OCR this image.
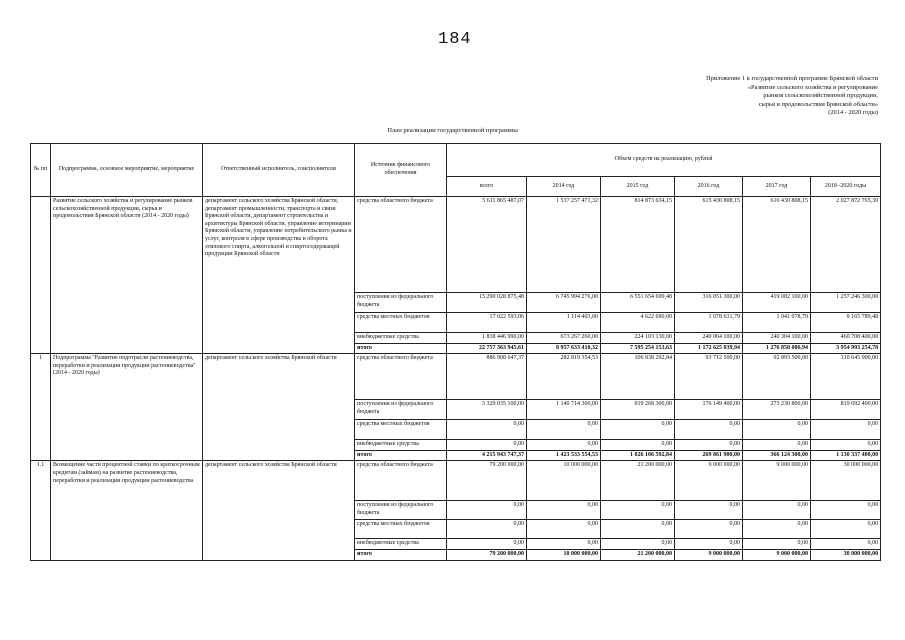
184
Приложение 1 к государственной программе Брянской области
«Развитие сельского хозяйства и регулирование
рынков сельскохозяйственной продукции,
сырья и продовольствия Брянской области»
(2014 - 2020 годы)
План реализации государственной программы
№ пп	Подпрограмма, основное мероприятие, мероприятие	Ответственный исполнитель, соисполнители	Источник финансового обеспечения	Объем средств на реализацию, рублей					
				всего	2014 год	2015 год	2016 год	2017 год	2018 -2020 годы
	Развитие сельского хозяйства и регулирование рынков сельскохозяйственной продукции, сырья и продовольствия Брянской области (2014 - 2020 годы)	департамент сельского хозяйства Брянской области, департамент промышленности, транспорта и связи Брянской области, департамент строительства и архитектуры Брянской области, управление ветеринарии Брянской области, управление потребительского рынка и услуг, контроля в сфере производства и оборота этилового спирта, алкогольной и спиртосодержащей продукции Брянской области	средства областного бюджета	5 611 865 487,07	1 537 257 471,32	814 873 634,15	615 430 808,15	616 430 808,15	2 027 872 765,30
			поступления из федерального бюджета	15 290 028 875,48	6 745 994 276,00	6 551 654 699,48	316 051 300,00	419 082 100,00	1 257 246 300,00
			средства местных бюджетов	17 022 593,06	1 114 403,00	4 622 690,00	1 078 631,79	1 041 078,79	9 165 789,48
			внебюджетные средства	1 838 446 990,00	673 267 260,00	224 103 130,00	240 064 100,00	240 304 100,00	460 708 400,00
			итого	22 757 363 945,61	8 957 633 410,32	7 595 254 153,63	1 172 625 039,94	1 276 858 086,94	3 954 993 254,78
1	Подпрограмма "Развитие подотрасли растениеводства, переработки и реализации продукции растениеводства" (2014 - 2020 годы)	департамент сельского хозяйства Брянской области	средства областного бюджета	886 908 647,37	282 819 354,53	106 838 292,84	93 712 500,00	92 893 500,00	310 645 000,00
			поступления из федерального бюджета	3 329 035 100,00	1 140 714 300,00	919 268 300,00	176 149 400,00	273 230 800,00	819 692 400,00
			средства местных бюджетов	0,00	0,00	0,00	0,00	0,00	0,00
			внебюджетные средства	0,00	0,00	0,00	0,00	0,00	0,00
			итого	4 215 943 747,37	1 423 533 554,53	1 026 106 592,84	269 861 900,00	366 124 300,00	1 130 337 400,00
1.1	Возмещение части процентной ставки по краткосрочным кредитам (займам) на развитие растениеводства, переработки и реализации продукции растениеводства	департамент сельского хозяйства Брянской области	средства областного бюджета	79 200 000,00	10 000 000,00	21 200 000,00	9 000 000,00	9 000 000,00	30 000 000,00
			поступления из федерального бюджета	0,00	0,00	0,00	0,00	0,00	0,00
			средства местных бюджетов	0,00	0,00	0,00	0,00	0,00	0,00
			внебюджетные средства	0,00	0,00	0,00	0,00	0,00	0,00
			итого	79 200 000,00	10 000 000,00	21 200 000,00	9 000 000,00	9 000 000,00	30 000 000,00
